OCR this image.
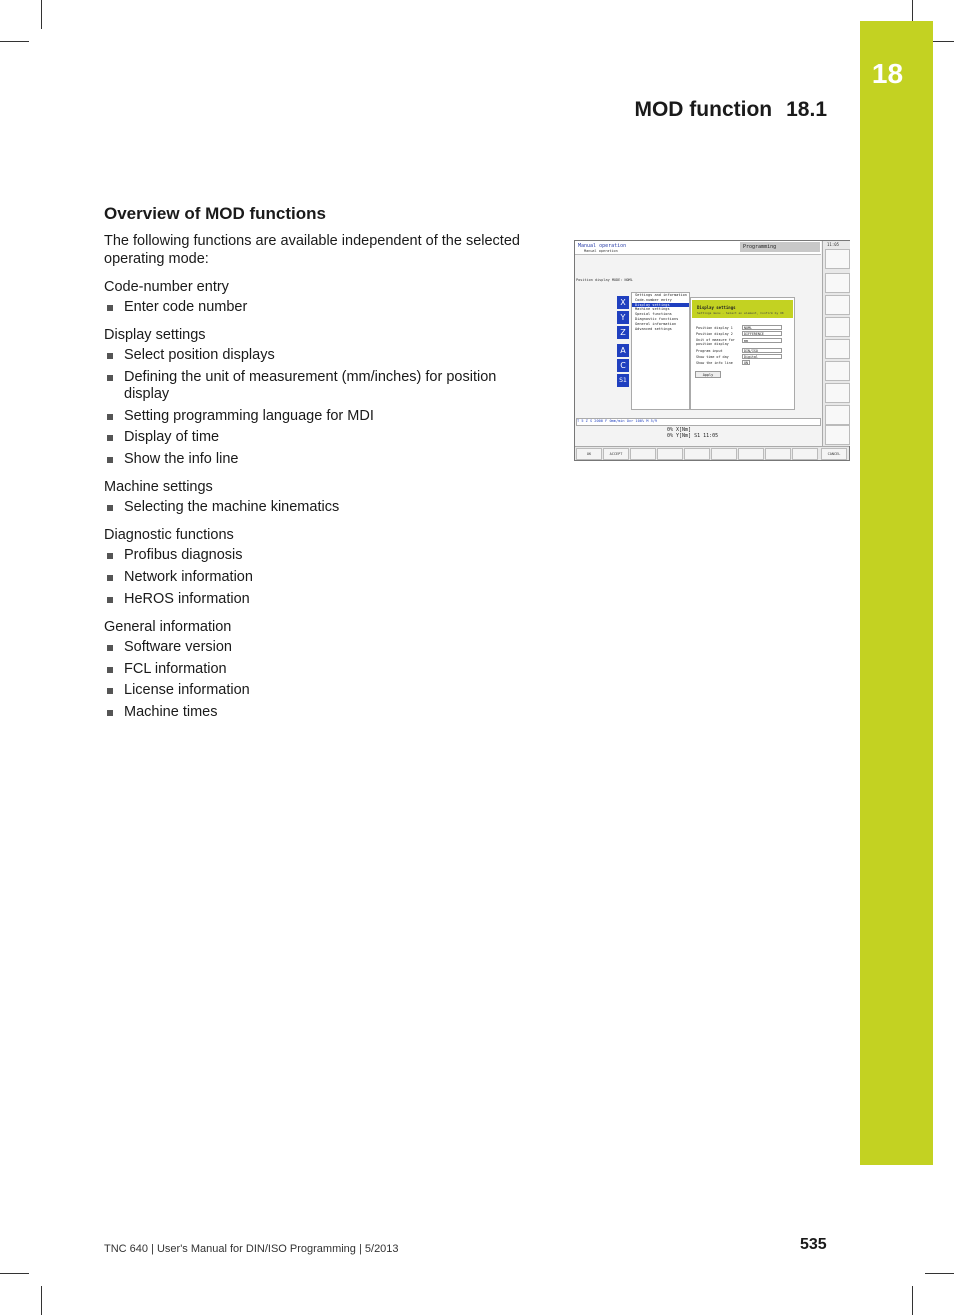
18
MOD function 18.1
Overview of MOD functions

The following functions are available independent of the selected operating mode:

Code-number entry
Enter code number
Display settings
Select position displays
Defining the unit of measurement (mm/inches) for position display
Setting programming language for MDI
Display of time
Show the info line
Machine settings
Selecting the machine kinematics
Diagnostic functions
Profibus diagnosis
Network information
HeROS information
General information
Software version
FCL information
License information
Machine times
Manual operation
Manual operation
Programming	11:05
Position display MODE: NOML
X
Y
Z
A
C
S1
Settings and information
Code-number entry
Display settings
Machine settings
Special functions
Diagnostic functions
General information
Advanced settings
Display settings
Settings menu - Select an element, Confirm by OK
Position display 1	NOML
Position display 2	DIFFERENCE
Unit of measure for position display
mm
Program input	DIN/ISO
Show time of day	Digital
Show the info line	ON
Apply
T 5 Z S 2000 F 0mm/min Ovr 100% M 5/9
0% X[Nm]
0% Y[Nm] S1 11:05
OK	ACCEPT	CANCEL
TNC 640 | User's Manual for DIN/ISO Programming | 5/2013	535
